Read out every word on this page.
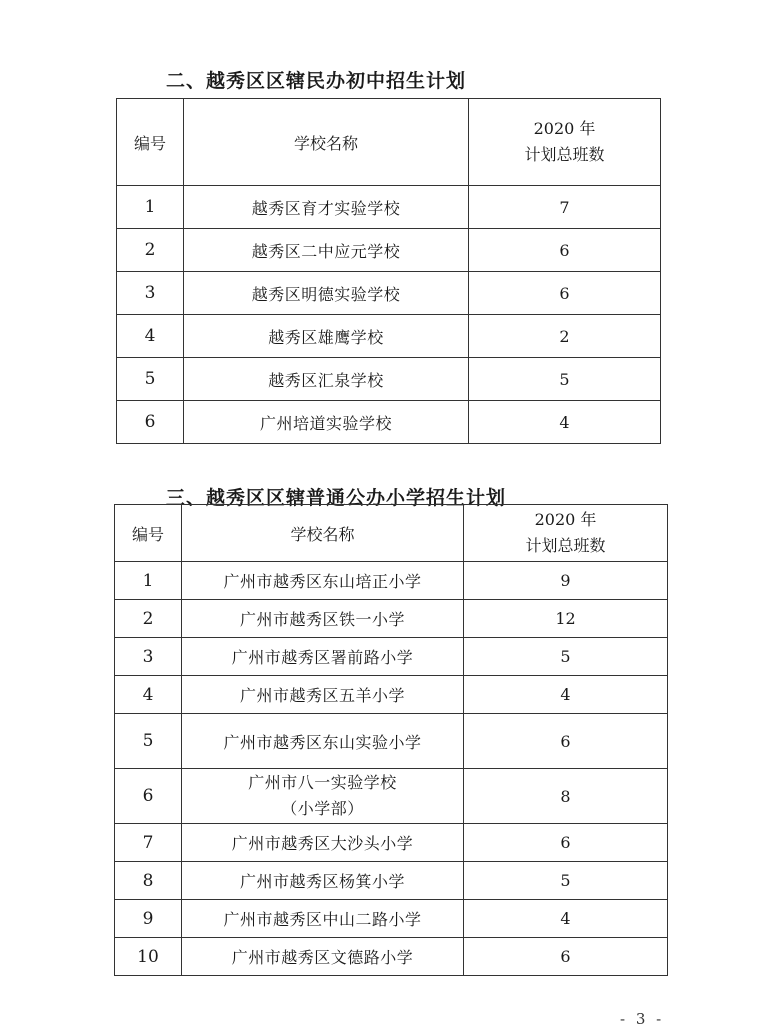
二、越秀区区辖民办初中招生计划
编号	学校名称	2020 年
计划总班数

1	越秀区育才实验学校	7
2	越秀区二中应元学校	6
3	越秀区明德实验学校	6
4	越秀区雄鹰学校	2
5	越秀区汇泉学校	5
6	广州培道实验学校	4
三、越秀区区辖普通公办小学招生计划
编号	学校名称	2020 年
计划总班数

1	广州市越秀区东山培正小学	9
2	广州市越秀区铁一小学	12
3	广州市越秀区署前路小学	5
4	广州市越秀区五羊小学	4
5	广州市越秀区东山实验小学	6
6	广州市八一实验学校
（小学部）	8
7	广州市越秀区大沙头小学	6
8	广州市越秀区杨箕小学	5
9	广州市越秀区中山二路小学	4
10	广州市越秀区文德路小学	6
- 3 -
